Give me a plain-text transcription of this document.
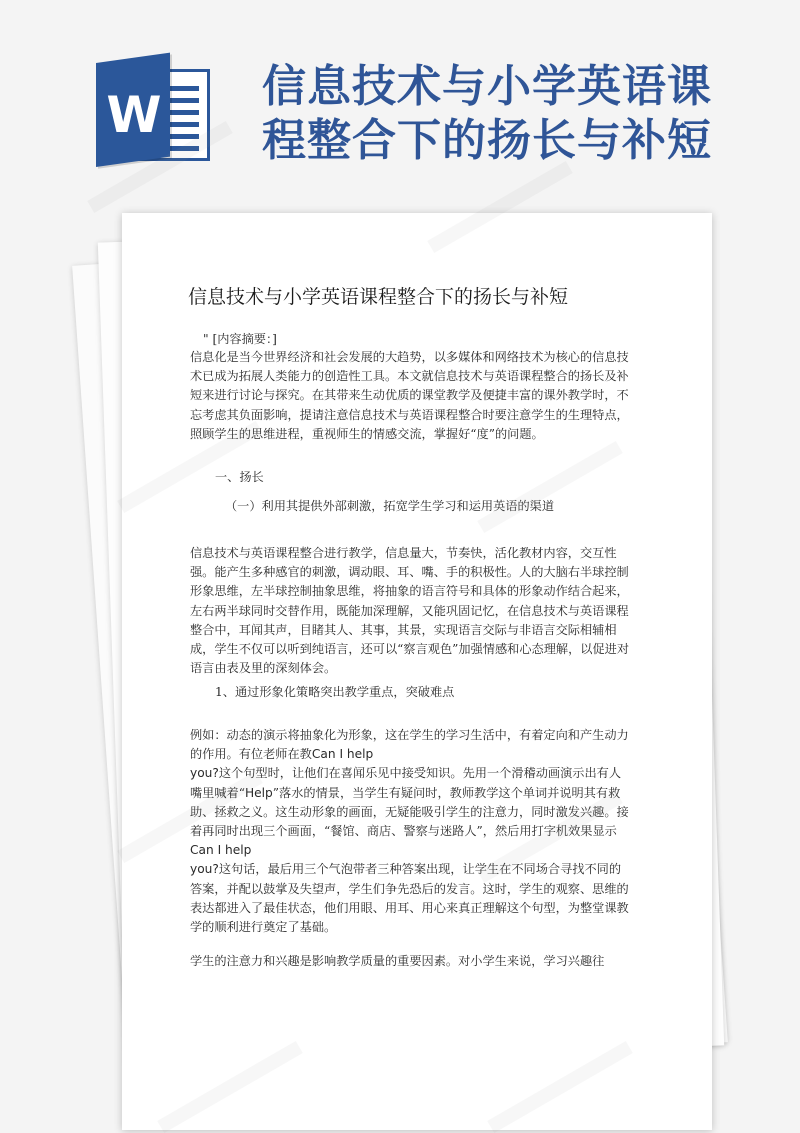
W 信息技术与小学英语课
程整合下的扬长与补短
信息技术与小学英语课程整合下的扬长与补短
" [内容摘要：]
信息化是当今世界经济和社会发展的大趋势，以多媒体和网络技术为核心的信息技术已成为拓展人类能力的创造性工具。本文就信息技术与英语课程整合的扬长及补短来进行讨论与探究。在其带来生动优质的课堂教学及便捷丰富的课外教学时，不忘考虑其负面影响，提请注意信息技术与英语课程整合时要注意学生的生理特点，照顾学生的思维进程，重视师生的情感交流，掌握好“度”的问题。
一、扬长
（一）利用其提供外部刺激，拓宽学生学习和运用英语的渠道
信息技术与英语课程整合进行教学，信息量大，节奏快，活化教材内容，交互性强。能产生多种感官的刺激，调动眼、耳、嘴、手的积极性。人的大脑右半球控制形象思维，左半球控制抽象思维，将抽象的语言符号和具体的形象动作结合起来，左右两半球同时交替作用，既能加深理解，又能巩固记忆，在信息技术与英语课程整合中，耳闻其声，目睹其人、其事，其景，实现语言交际与非语言交际相辅相成，学生不仅可以听到纯语言，还可以“察言观色”加强情感和心态理解，以促进对语言由表及里的深刻体会。
1、通过形象化策略突出教学重点，突破难点
例如：动态的演示将抽象化为形象，这在学生的学习生活中，有着定向和产生动力的作用。有位老师在教Can I help
you?这个句型时，让他们在喜闻乐见中接受知识。先用一个滑稽动画演示出有人嘴里喊着“Help”落水的情景，当学生有疑问时，教师教学这个单词并说明其有救助、拯救之义。这生动形象的画面，无疑能吸引学生的注意力，同时激发兴趣。接着再同时出现三个画面，“餐馆、商店、警察与迷路人”，然后用打字机效果显示Can I help
you?这句话，最后用三个气泡带者三种答案出现，让学生在不同场合寻找不同的答案，并配以鼓掌及失望声，学生们争先恐后的发言。这时，学生的观察、思维的表达都进入了最佳状态，他们用眼、用耳、用心来真正理解这个句型，为整堂课教学的顺利进行奠定了基础。
学生的注意力和兴趣是影响教学质量的重要因素。对小学生来说，学习兴趣往
